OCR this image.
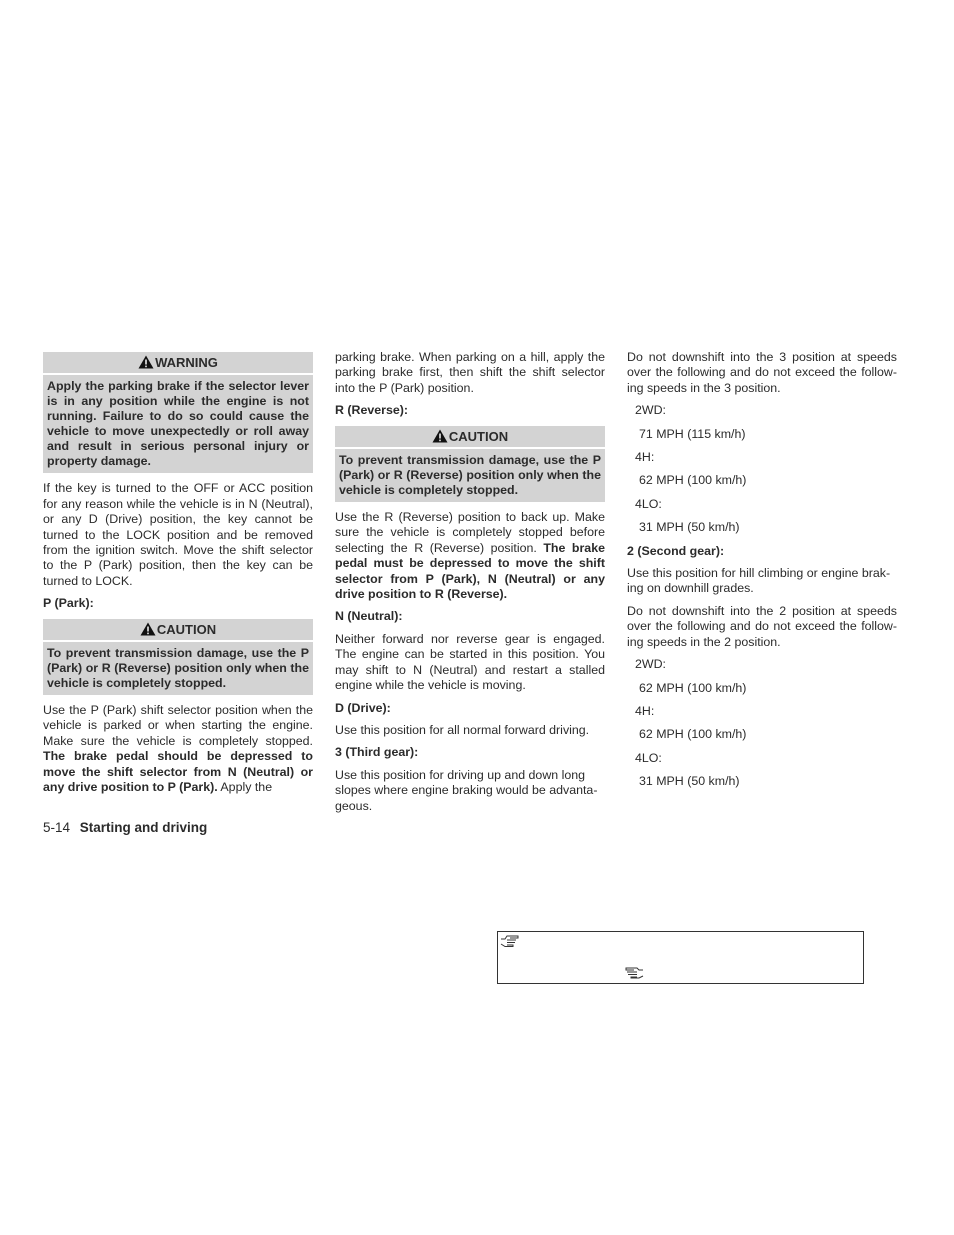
WARNING
Apply the parking brake if the selector lever is in any position while the engine is not running. Failure to do so could cause the vehicle to move unexpectedly or roll away and result in serious personal injury or property damage.

If the key is turned to the OFF or ACC position for any reason while the vehicle is in N (Neutral), or any D (Drive) position, the key cannot be turned to the LOCK position and be removed from the ignition switch. Move the shift selector to the P (Park) position, then the key can be turned to LOCK.

P (Park):
CAUTION
To prevent transmission damage, use the P (Park) or R (Reverse) position only when the vehicle is completely stopped.

Use the P (Park) shift selector position when the vehicle is parked or when starting the engine. Make sure the vehicle is completely stopped. The brake pedal should be depressed to move the shift selector from N (Neutral) or any drive position to P (Park). Apply the

parking brake. When parking on a hill, apply the parking brake first, then shift the shift selector into the P (Park) position.

R (Reverse):
CAUTION
To prevent transmission damage, use the P (Park) or R (Reverse) position only when the vehicle is completely stopped.

Use the R (Reverse) position to back up. Make sure the vehicle is completely stopped before selecting the R (Reverse) position. The brake pedal must be depressed to move the shift selector from P (Park), N (Neutral) or any drive position to R (Reverse).

N (Neutral):

Neither forward nor reverse gear is engaged. The engine can be started in this position. You may shift to N (Neutral) and restart a stalled engine while the vehicle is moving.

D (Drive):

Use this position for all normal forward driving.

3 (Third gear):

Use this position for driving up and down long slopes where engine braking would be advanta-geous.

Do not downshift into the 3 position at speeds over the following and do not exceed the follow-ing speeds in the 3 position.

2WD:
71 MPH (115 km/h)
4H:
62 MPH (100 km/h)
4LO:
31 MPH (50 km/h)
2 (Second gear):

Use this position for hill climbing or engine brak-ing on downhill grades.

Do not downshift into the 2 position at speeds over the following and do not exceed the follow-ing speeds in the 2 position.

2WD:
62 MPH (100 km/h)
4H:
62 MPH (100 km/h)
4LO:
31 MPH (50 km/h)
5-14 Starting and driving
